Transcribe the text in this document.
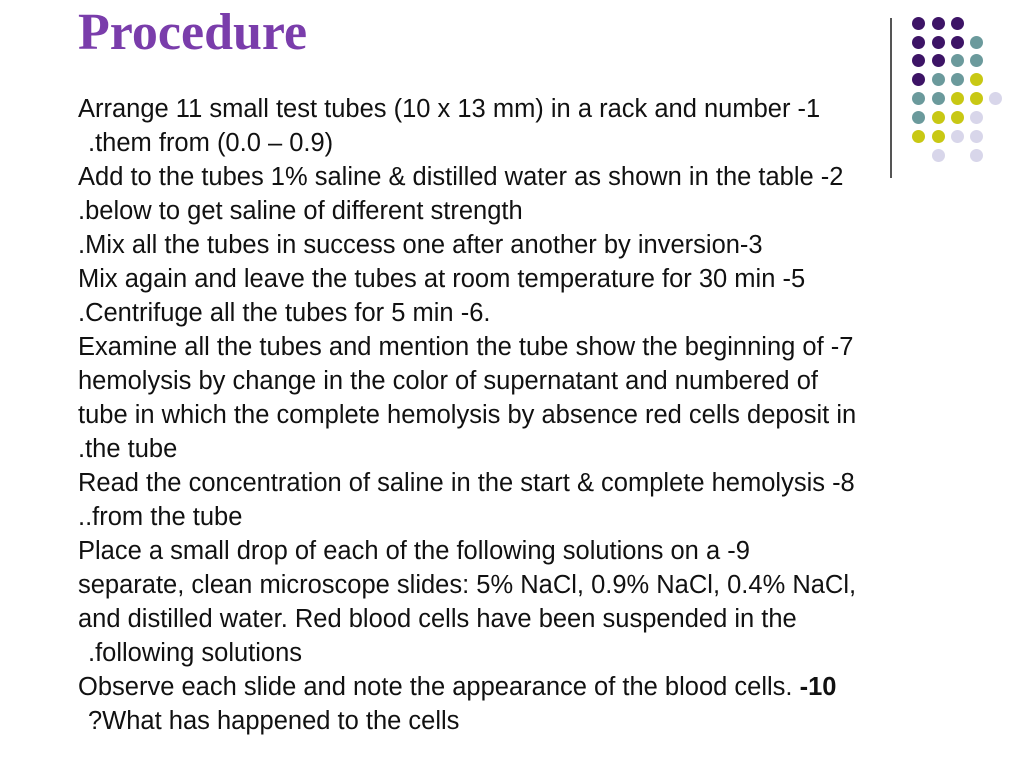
Procedure
Arrange 11 small test tubes (10 x 13 mm) in a rack and number -1
.them from (0.0 – 0.9)
Add to the tubes 1% saline & distilled water as shown in the table -2
.below to get saline of different strength
.Mix all the tubes in success one after another by inversion-3
Mix again and leave the tubes at room temperature for 30 min -5
.Centrifuge all the tubes for 5 min -6.
Examine all the tubes and mention the tube show the beginning of -7
hemolysis by change in the color of supernatant and numbered of
tube in which the complete hemolysis by absence red cells deposit in
.the tube
Read the concentration of saline in the start & complete hemolysis -8
..from the tube
Place a small drop of each of the following solutions on a -9
separate, clean microscope slides: 5% NaCl, 0.9% NaCl, 0.4% NaCl,
and distilled water. Red blood cells have been suspended in the
.following solutions
Observe each slide and note the appearance of the blood cells. -10
?What has happened to the cells
